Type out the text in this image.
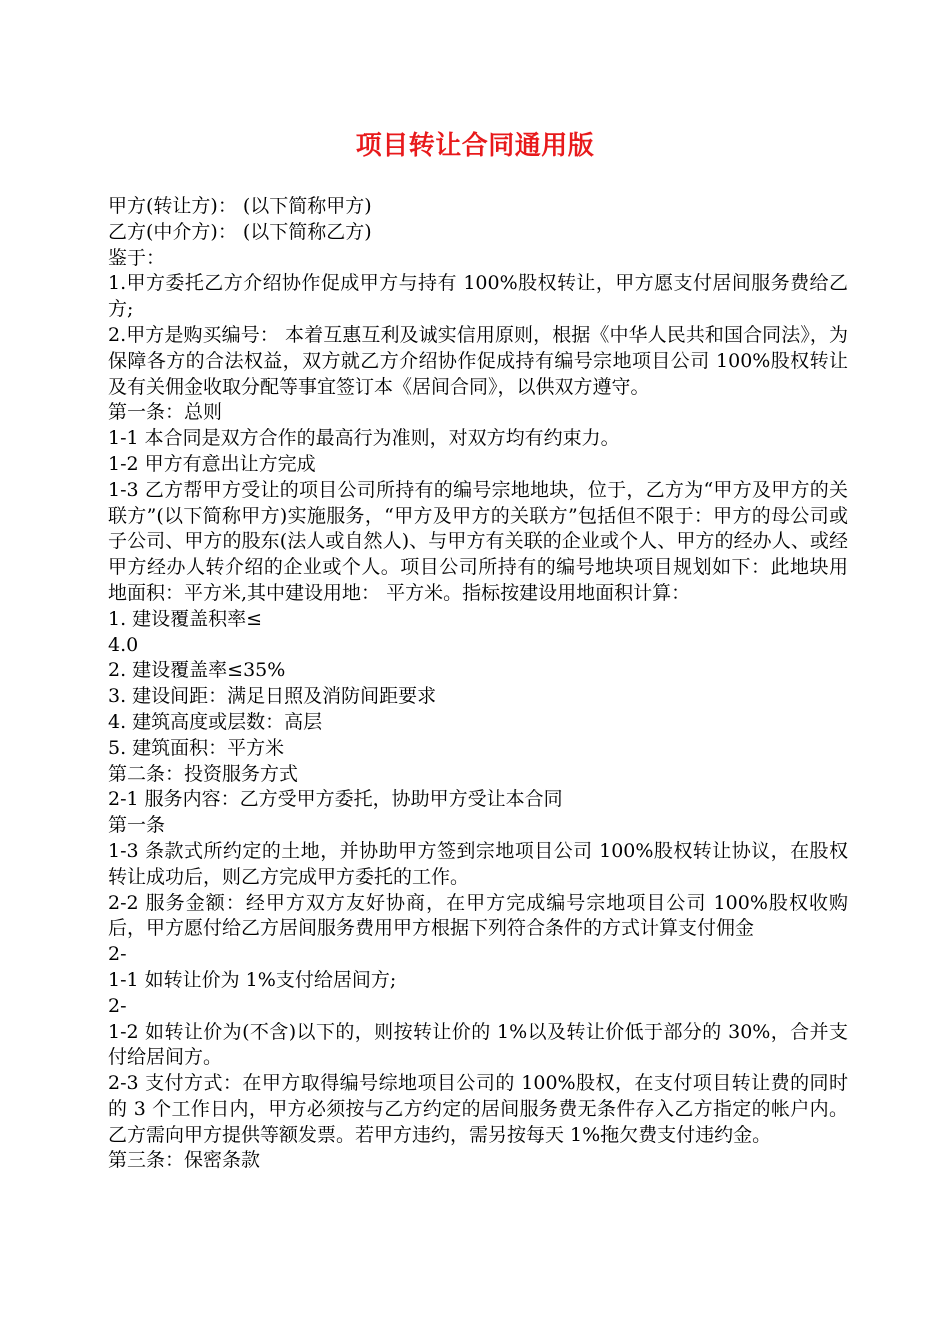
项目转让合同通用版

甲方(转让方)： (以下简称甲方)

乙方(中介方)： (以下简称乙方)

鉴于：

1.甲方委托乙方介绍协作促成甲方与持有 100%股权转让，甲方愿支付居间服务费给乙方;

2.甲方是购买编号： 本着互惠互利及诚实信用原则，根据《中华人民共和国合同法》，为保障各方的合法权益，双方就乙方介绍协作促成持有编号宗地项目公司 100%股权转让及有关佣金收取分配等事宜签订本《居间合同》，以供双方遵守。

第一条：总则

1-1 本合同是双方合作的最高行为准则，对双方均有约束力。

1-2 甲方有意出让方完成

1-3 乙方帮甲方受让的项目公司所持有的编号宗地地块，位于，乙方为“甲方及甲方的关联方”(以下简称甲方)实施服务，“甲方及甲方的关联方”包括但不限于：甲方的母公司或子公司、甲方的股东(法人或自然人)、与甲方有关联的企业或个人、甲方的经办人、或经甲方经办人转介绍的企业或个人。项目公司所持有的编号地块项目规划如下：此地块用地面积：平方米,其中建设用地： 平方米。指标按建设用地面积计算：

1. 建设覆盖积率≤

4.0

2. 建设覆盖率≤35%

3. 建设间距：满足日照及消防间距要求

4. 建筑高度或层数：高层

5. 建筑面积：平方米

第二条：投资服务方式

2-1 服务内容：乙方受甲方委托，协助甲方受让本合同

第一条

1-3 条款式所约定的土地，并协助甲方签到宗地项目公司 100%股权转让协议，在股权转让成功后，则乙方完成甲方委托的工作。

2-2 服务金额：经甲方双方友好协商，在甲方完成编号宗地项目公司 100%股权收购后，甲方愿付给乙方居间服务费用甲方根据下列符合条件的方式计算支付佣金

2-

1-1 如转让价为 1%支付给居间方;

2-

1-2 如转让价为(不含)以下的，则按转让价的 1%以及转让价低于部分的 30%，合并支付给居间方。

2-3 支付方式：在甲方取得编号综地项目公司的 100%股权，在支付项目转让费的同时的 3 个工作日内，甲方必须按与乙方约定的居间服务费无条件存入乙方指定的帐户内。乙方需向甲方提供等额发票。若甲方违约，需另按每天 1%拖欠费支付违约金。

第三条：保密条款
